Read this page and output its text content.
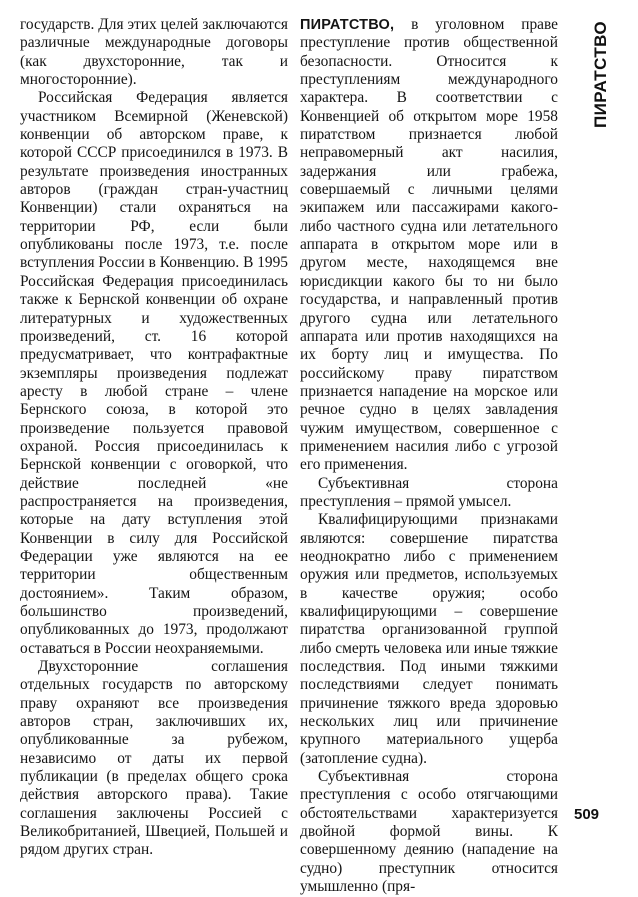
государств. Для этих целей заключаются различные международные договоры (как двухсторонние, так и многосторонние).

Российская Федерация является участником Всемирной (Женевской) конвенции об авторском праве, к которой СССР присоединился в 1973. В результате произведения иностранных авторов (граждан стран-участниц Конвенции) стали охраняться на территории РФ, если были опубликованы после 1973, т.е. после вступления России в Конвенцию. В 1995 Российская Федерация присоединилась также к Бернской конвенции об охране литературных и художественных произведений, ст. 16 которой предусматривает, что контрафактные экземпляры произведения подлежат аресту в любой стране – члене Бернского союза, в которой это произведение пользуется правовой охраной. Россия присоединилась к Бернской конвенции с оговоркой, что действие последней «не распространяется на произведения, которые на дату вступления этой Конвенции в силу для Российской Федерации уже являются на ее территории общественным достоянием». Таким образом, большинство произведений, опубликованных до 1973, продолжают оставаться в России неохраняемыми.

Двухсторонние соглашения отдельных государств по авторскому праву охраняют все произведения авторов стран, заключивших их, опубликованные за рубежом, независимо от даты их первой публикации (в пределах общего срока действия авторского права). Такие соглашения заключены Россией с Великобританией, Швецией, Польшей и рядом других стран.

ПИРАТСТВО, в уголовном праве преступление против общественной безопасности. Относится к преступлениям международного характера. В соответствии с Конвенцией об открытом море 1958 пиратством признается любой неправомерный акт насилия, задержания или грабежа, совершаемый с личными целями экипажем или пассажирами какого-либо частного судна или летательного аппарата в открытом море или в другом месте, находящемся вне юрисдикции какого бы то ни было государства, и направленный против другого судна или летательного аппарата или против находящихся на их борту лиц и имущества. По российскому праву пиратством признается нападение на морское или речное судно в целях завладения чужим имуществом, совершенное с применением насилия либо с угрозой его применения.

Субъективная сторона преступления – прямой умысел.

Квалифицирующими признаками являются: совершение пиратства неоднократно либо с применением оружия или предметов, используемых в качестве оружия; особо квалифицирующими – совершение пиратства организованной группой либо смерть человека или иные тяжкие последствия. Под иными тяжкими последствиями следует понимать причинение тяжкого вреда здоровью нескольких лиц или причинение крупного материального ущерба (затопление судна).

Субъективная сторона преступления с особо отягчающими обстоятельствами характеризуется двойной формой вины. К совершенному деянию (нападение на судно) преступник относится умышленно (пря-

ПИРАТСТВО
509
